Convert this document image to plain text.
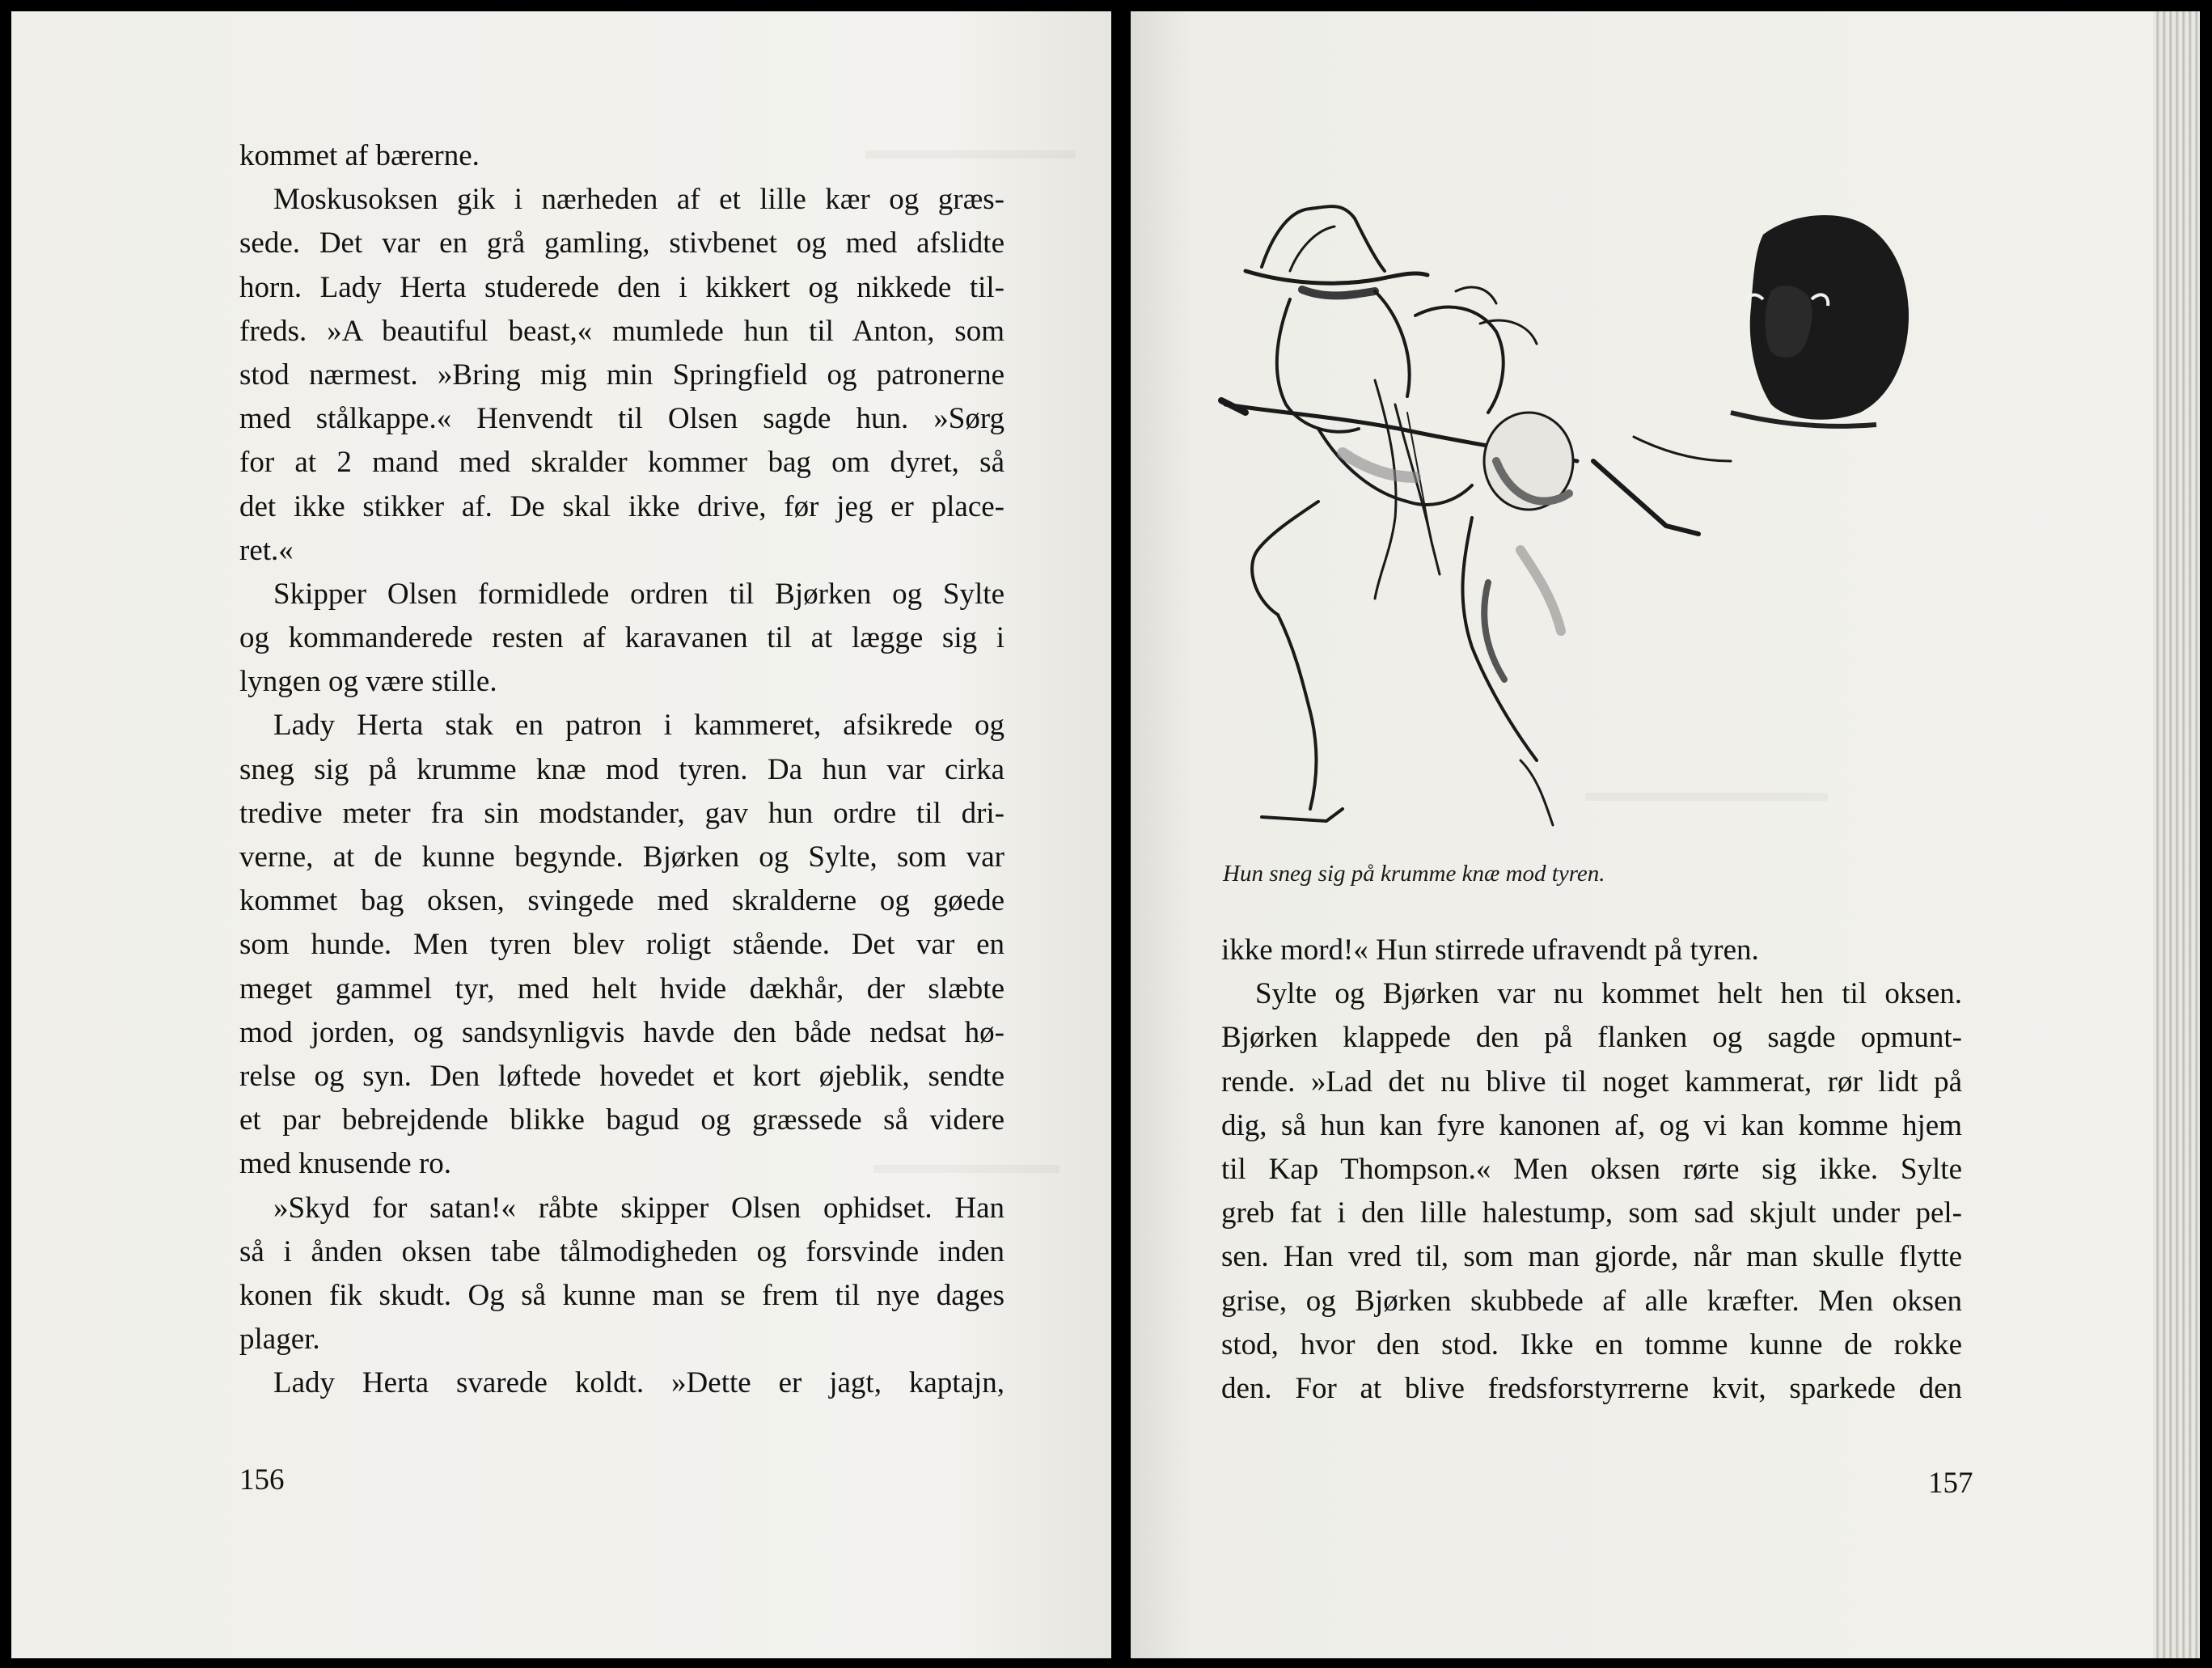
kommet af bærerne.
Moskusoksen gik i nærheden af et lille kær og græs-
sede. Det var en grå gamling, stivbenet og med afslidte
horn. Lady Herta studerede den i kikkert og nikkede til-
freds. »A beautiful beast,« mumlede hun til Anton, som
stod nærmest. »Bring mig min Springfield og patronerne
med stålkappe.« Henvendt til Olsen sagde hun. »Sørg
for at 2 mand med skralder kommer bag om dyret, så
det ikke stikker af. De skal ikke drive, før jeg er place-
ret.«
Skipper Olsen formidlede ordren til Bjørken og Sylte
og kommanderede resten af karavanen til at lægge sig i
lyngen og være stille.
Lady Herta stak en patron i kammeret, afsikrede og
sneg sig på krumme knæ mod tyren. Da hun var cirka
tredive meter fra sin modstander, gav hun ordre til dri-
verne, at de kunne begynde. Bjørken og Sylte, som var
kommet bag oksen, svingede med skralderne og gøede
som hunde. Men tyren blev roligt stående. Det var en
meget gammel tyr, med helt hvide dækhår, der slæbte
mod jorden, og sandsynligvis havde den både nedsat hø-
relse og syn. Den løftede hovedet et kort øjeblik, sendte
et par bebrejdende blikke bagud og græssede så videre
med knusende ro.
»Skyd for satan!« råbte skipper Olsen ophidset. Han
så i ånden oksen tabe tålmodigheden og forsvinde inden
konen fik skudt. Og så kunne man se frem til nye dages
plager.
Lady Herta svarede koldt. »Dette er jagt, kaptajn,
156
Hun sneg sig på krumme knæ mod tyren.
ikke mord!« Hun stirrede ufravendt på tyren.
Sylte og Bjørken var nu kommet helt hen til oksen.
Bjørken klappede den på flanken og sagde opmunt-
rende. »Lad det nu blive til noget kammerat, rør lidt på
dig, så hun kan fyre kanonen af, og vi kan komme hjem
til Kap Thompson.« Men oksen rørte sig ikke. Sylte
greb fat i den lille halestump, som sad skjult under pel-
sen. Han vred til, som man gjorde, når man skulle flytte
grise, og Bjørken skubbede af alle kræfter. Men oksen
stod, hvor den stod. Ikke en tomme kunne de rokke
den. For at blive fredsforstyrrerne kvit, sparkede den
157
